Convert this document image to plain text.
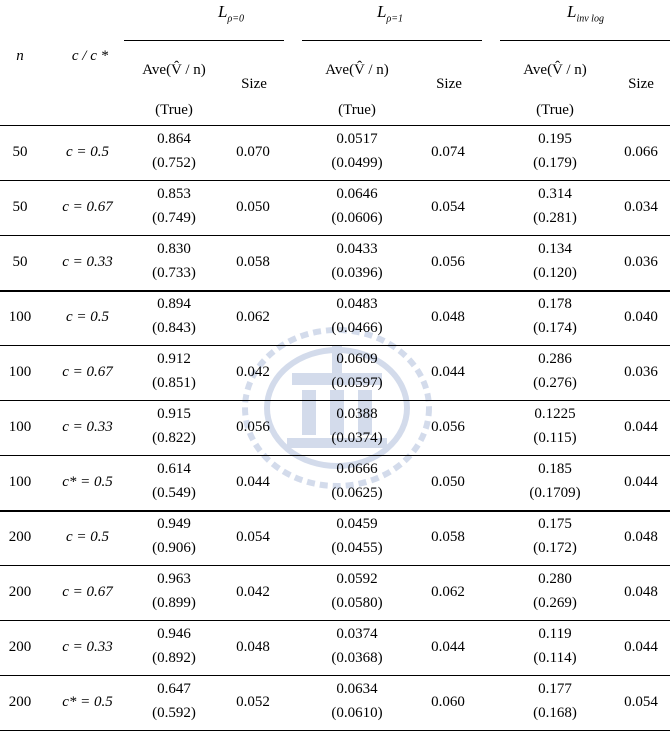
n	c / c *
$L_{\rho=0}$	$L_{\rho=1}$	$L_{inv log}$
Ave(V̂ / n)
(True)
Size
Ave(V̂ / n)
(True)
Size
Ave(V̂ / n)
(True)
Size
50	c = 0.5
0.864
(0.752)
0.070
0.0517
(0.0499)
0.074
0.195
(0.179)
0.066
50	c = 0.67
0.853
(0.749)
0.050
0.0646
(0.0606)
0.054
0.314
(0.281)
0.034
50	c = 0.33
0.830
(0.733)
0.058
0.0433
(0.0396)
0.056
0.134
(0.120)
0.036
100	c = 0.5
0.894
(0.843)
0.062
0.0483
(0.0466)
0.048
0.178
(0.174)
0.040
100	c = 0.67
0.912
(0.851)
0.042
0.0609
(0.0597)
0.044
0.286
(0.276)
0.036
100	c = 0.33
0.915
(0.822)
0.056
0.0388
(0.0374)
0.056
0.1225
(0.115)
0.044
100	c* = 0.5
0.614
(0.549)
0.044
0.0666
(0.0625)
0.050
0.185
(0.1709)
0.044
200	c = 0.5
0.949
(0.906)
0.054
0.0459
(0.0455)
0.058
0.175
(0.172)
0.048
200	c = 0.67
0.963
(0.899)
0.042
0.0592
(0.0580)
0.062
0.280
(0.269)
0.048
200	c = 0.33
0.946
(0.892)
0.048
0.0374
(0.0368)
0.044
0.119
(0.114)
0.044
200	c* = 0.5
0.647
(0.592)
0.052
0.0634
(0.0610)
0.060
0.177
(0.168)
0.054
